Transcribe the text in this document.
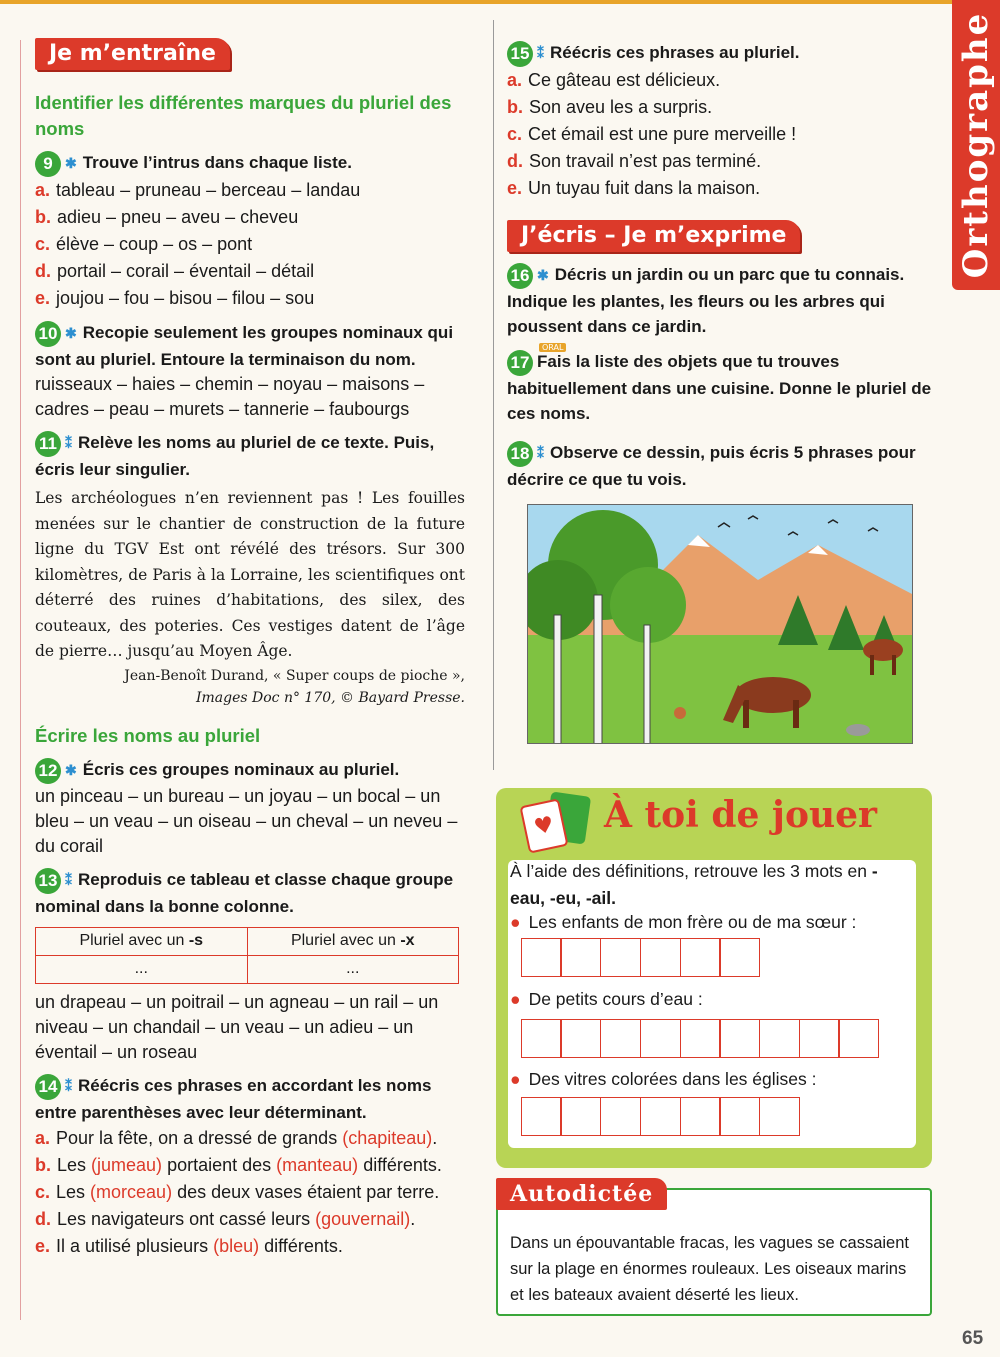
Orthographe
Je m’entraîne
Identifier les différentes marques du pluriel des noms
9 ✱ Trouve l’intrus dans chaque liste.
a. tableau – pruneau – berceau – landau
b. adieu – pneu – aveu – cheveu
c. élève – coup – os – pont
d. portail – corail – éventail – détail
e. joujou – fou – bisou – filou – sou
10 ✱ Recopie seulement les groupes nominaux qui sont au pluriel. Entoure la terminaison du nom.
ruisseaux – haies – chemin – noyau – maisons – cadres – peau – murets – tannerie – faubourgs
11 ⁑ Relève les noms au pluriel de ce texte. Puis, écris leur singulier.
Les archéologues n’en reviennent pas ! Les fouilles menées sur le chantier de construction de la future ligne du TGV Est ont révélé des trésors. Sur 300 kilomètres, de Paris à la Lorraine, les scientifiques ont déterré des ruines d’habitations, des silex, des couteaux, des poteries. Ces vestiges datent de l’âge de pierre… jusqu’au Moyen Âge.
Jean-Benoît Durand, « Super coups de pioche »,
Images Doc n° 170, © Bayard Presse.
Écrire les noms au pluriel
12 ✱ Écris ces groupes nominaux au pluriel.
un pinceau – un bureau – un joyau – un bocal – un bleu – un veau – un oiseau – un cheval – un neveu – du corail
13 ⁑ Reproduis ce tableau et classe chaque groupe nominal dans la bonne colonne.
Pluriel avec un -s	Pluriel avec un -x
...	...
un drapeau – un poitrail – un agneau – un rail – un niveau – un chandail – un veau – un adieu – un éventail – un roseau
14 ⁑ Réécris ces phrases en accordant les noms entre parenthèses avec leur déterminant.
a. Pour la fête, on a dressé de grands (chapiteau).
b. Les (jumeau) portaient des (manteau) différents.
c. Les (morceau) des deux vases étaient par terre.
d. Les navigateurs ont cassé leurs (gouvernail).
e. Il a utilisé plusieurs (bleu) différents.
15 ⁑ Réécris ces phrases au pluriel.
a. Ce gâteau est délicieux.
b. Son aveu les a surpris.
c. Cet émail est une pure merveille !
d. Son travail n’est pas terminé.
e. Un tuyau fuit dans la maison.
J’écris – Je m’exprime
16 ✱ Décris un jardin ou un parc que tu connais. Indique les plantes, les fleurs ou les arbres qui poussent dans ce jardin.
ORAL
17 Fais la liste des objets que tu trouves habituellement dans une cuisine. Donne le pluriel de ces noms.
18 ⁑ Observe ce dessin, puis écris 5 phrases pour décrire ce que tu vois.
♥	À toi de jouer
À l’aide des définitions, retrouve les 3 mots en -eau, -eu, -ail.
● Les enfants de mon frère ou de ma sœur :
● De petits cours d’eau :
● Des vitres colorées dans les églises :
Autodictée
Dans un épouvantable fracas, les vagues se cassaient sur la plage en énormes rouleaux. Les oiseaux marins et les bateaux avaient déserté les lieux.
65
